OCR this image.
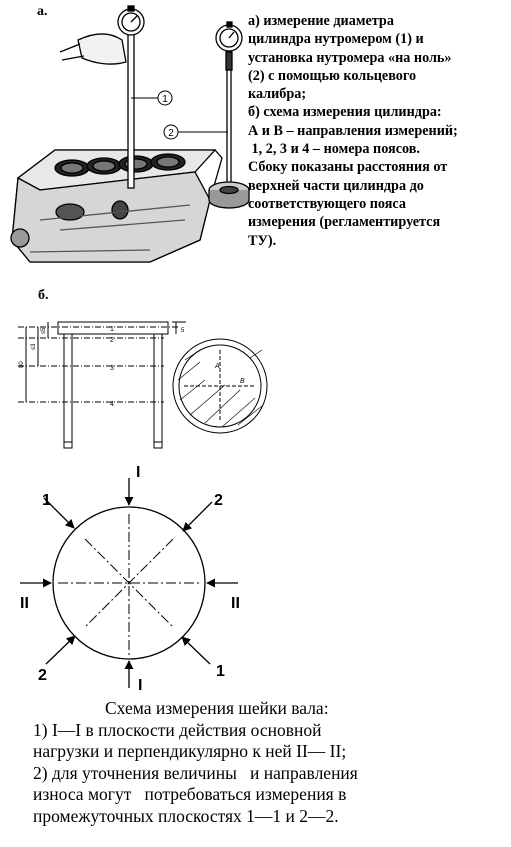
а.
1
2
а) измерение диаметра
цилиндра нутромером (1) и
установка нутромера «на ноль»
(2) с помощью кольцевого
калибра;
б) схема измерения цилиндра:
А и В – направления измерений;
1, 2, 3 и 4 – номера поясов.
Сбоку показаны расстояния от
верхней части цилиндра до
соответствующего пояса
измерения (регламентируется
ТУ).
б.
1
2
3
4
80
s3
s5	5
A
B
I
I
II	II
1	2
2	1
Схема измерения шейки вала:
1) I—I в плоскости действия основной
нагрузки и перпендикулярно к ней II— II;
2) для уточнения величины   и направления
износа могут   потребоваться измерения в
промежуточных плоскостях 1—1 и 2—2.
